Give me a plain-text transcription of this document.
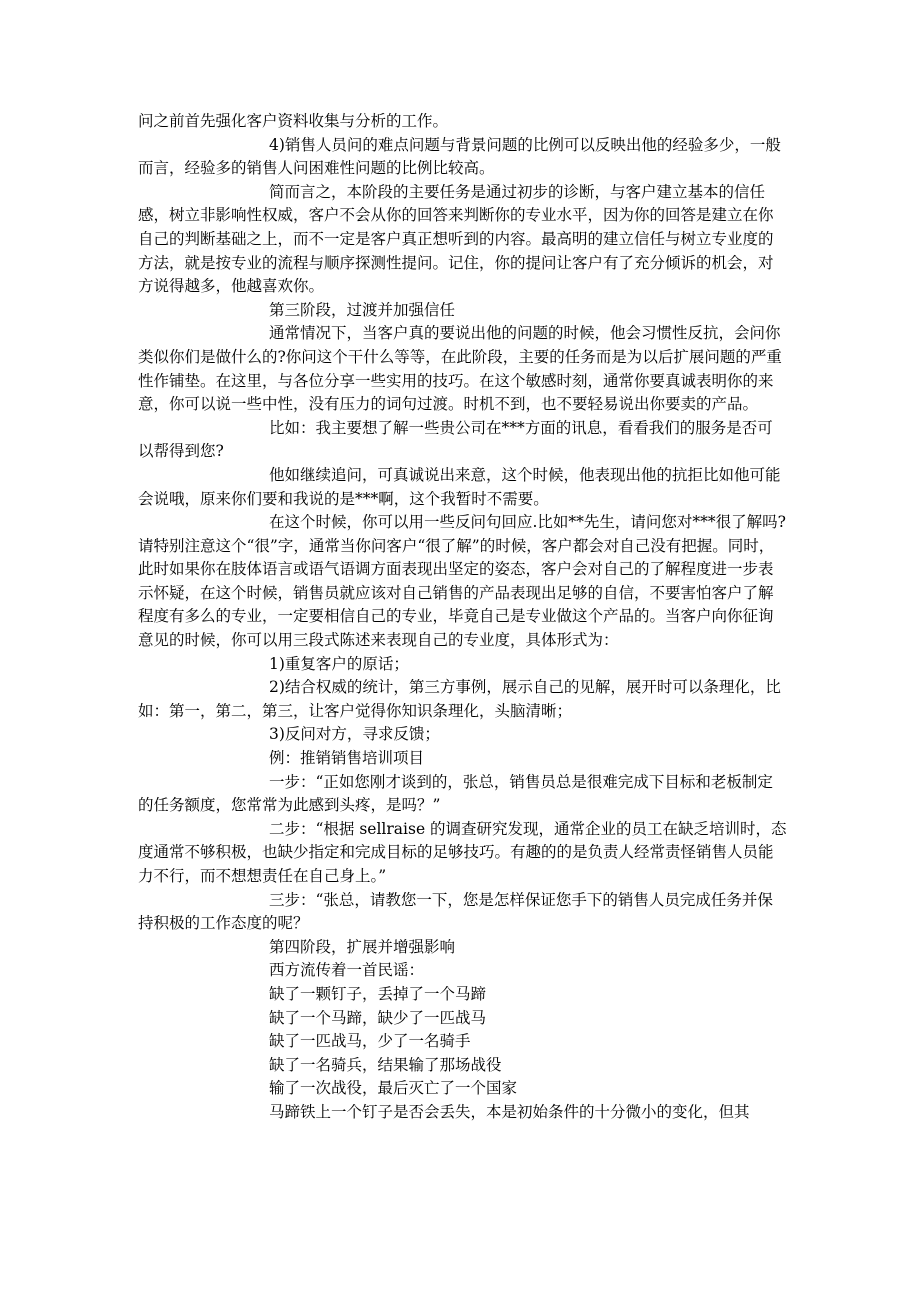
问之前首先强化客户资料收集与分析的工作。

4)销售人员问的难点问题与背景问题的比例可以反映出他的经验多少，一般而言，经验多的销售人问困难性问题的比例比较高。

简而言之，本阶段的主要任务是通过初步的诊断，与客户建立基本的信任感，树立非影响性权威，客户不会从你的回答来判断你的专业水平，因为你的回答是建立在你自己的判断基础之上，而不一定是客户真正想听到的内容。最高明的建立信任与树立专业度的方法，就是按专业的流程与顺序探测性提问。记住，你的提问让客户有了充分倾诉的机会，对方说得越多，他越喜欢你。

第三阶段，过渡并加强信任

通常情况下，当客户真的要说出他的问题的时候，他会习惯性反抗，会问你类似你们是做什么的?你问这个干什么等等，在此阶段，主要的任务而是为以后扩展问题的严重性作铺垫。在这里，与各位分享一些实用的技巧。在这个敏感时刻，通常你要真诚表明你的来意，你可以说一些中性，没有压力的词句过渡。时机不到，也不要轻易说出你要卖的产品。

比如：我主要想了解一些贵公司在***方面的讯息，看看我们的服务是否可以帮得到您?

他如继续追问，可真诚说出来意，这个时候，他表现出他的抗拒比如他可能会说哦，原来你们要和我说的是***啊，这个我暂时不需要。

在这个时候，你可以用一些反问句回应.比如**先生，请问您对***很了解吗?请特别注意这个“很”字，通常当你问客户“很了解”的时候，客户都会对自己没有把握。同时，此时如果你在肢体语言或语气语调方面表现出坚定的姿态，客户会对自己的了解程度进一步表示怀疑，在这个时候，销售员就应该对自己销售的产品表现出足够的自信，不要害怕客户了解程度有多么的专业，一定要相信自己的专业，毕竟自己是专业做这个产品的。当客户向你征询意见的时候，你可以用三段式陈述来表现自己的专业度，具体形式为：

1)重复客户的原话；

2)结合权威的统计，第三方事例，展示自己的见解，展开时可以条理化，比如：第一，第二，第三，让客户觉得你知识条理化，头脑清晰；

3)反问对方，寻求反馈；

例：推销销售培训项目

一步：“正如您刚才谈到的，张总，销售员总是很难完成下目标和老板制定的任务额度，您常常为此感到头疼，是吗？”

二步：“根据 sellraise 的调查研究发现，通常企业的员工在缺乏培训时，态度通常不够积极，也缺少指定和完成目标的足够技巧。有趣的的是负责人经常责怪销售人员能力不行，而不想想责任在自己身上。”

三步：“张总，请教您一下，您是怎样保证您手下的销售人员完成任务并保持积极的工作态度的呢？

第四阶段，扩展并增强影响

西方流传着一首民谣：

缺了一颗钉子，丢掉了一个马蹄

缺了一个马蹄，缺少了一匹战马

缺了一匹战马，少了一名骑手

缺了一名骑兵，结果输了那场战役

输了一次战役，最后灭亡了一个国家

马蹄铁上一个钉子是否会丢失，本是初始条件的十分微小的变化，但其
